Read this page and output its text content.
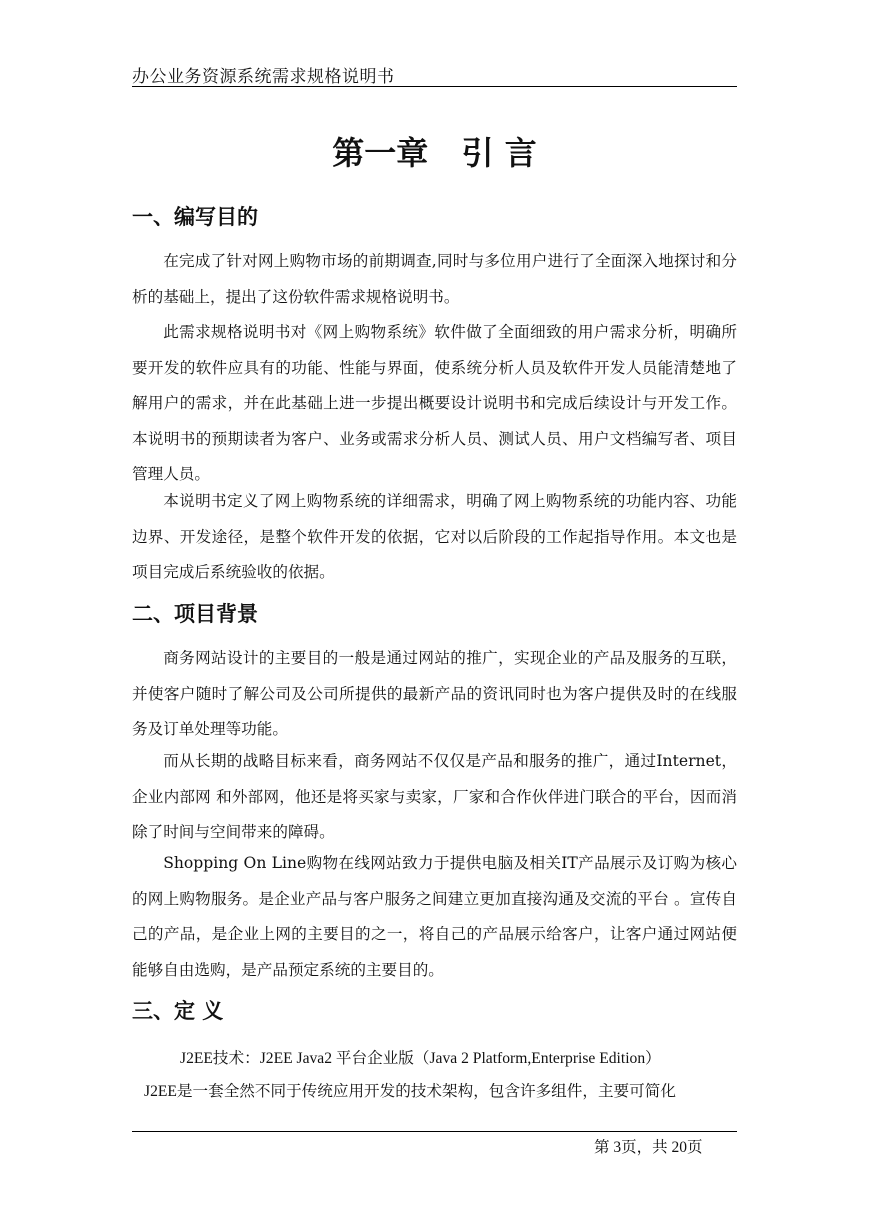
办公业务资源系统需求规格说明书
第一章   引 言
一、编写目的
在完成了针对网上购物市场的前期调查,同时与多位用户进行了全面深入地探讨和分析的基础上，提出了这份软件需求规格说明书。
此需求规格说明书对《网上购物系统》软件做了全面细致的用户需求分析，明确所要开发的软件应具有的功能、性能与界面，使系统分析人员及软件开发人员能清楚地了解用户的需求，并在此基础上进一步提出概要设计说明书和完成后续设计与开发工作。本说明书的预期读者为客户、业务或需求分析人员、测试人员、用户文档编写者、项目管理人员。
本说明书定义了网上购物系统的详细需求，明确了网上购物系统的功能内容、功能边界、开发途径，是整个软件开发的依据，它对以后阶段的工作起指导作用。本文也是项目完成后系统验收的依据。
二、项目背景
商务网站设计的主要目的一般是通过网站的推广，实现企业的产品及服务的互联，并使客户随时了解公司及公司所提供的最新产品的资讯同时也为客户提供及时的在线服务及订单处理等功能。
而从长期的战略目标来看，商务网站不仅仅是产品和服务的推广，通过Internet，企业内部网 和外部网，他还是将买家与卖家，厂家和合作伙伴进门联合的平台，因而消除了时间与空间带来的障碍。
Shopping On Line购物在线网站致力于提供电脑及相关IT产品展示及订购为核心的网上购物服务。是企业产品与客户服务之间建立更加直接沟通及交流的平台 。宣传自己的产品，是企业上网的主要目的之一，将自己的产品展示给客户，让客户通过网站便能够自由选购，是产品预定系统的主要目的。
三、定 义
J2EE技术：J2EE Java2 平台企业版（Java 2 Platform,Enterprise Edition）
J2EE是一套全然不同于传统应用开发的技术架构，包含许多组件，主要可简化
第 3页，共 20页
